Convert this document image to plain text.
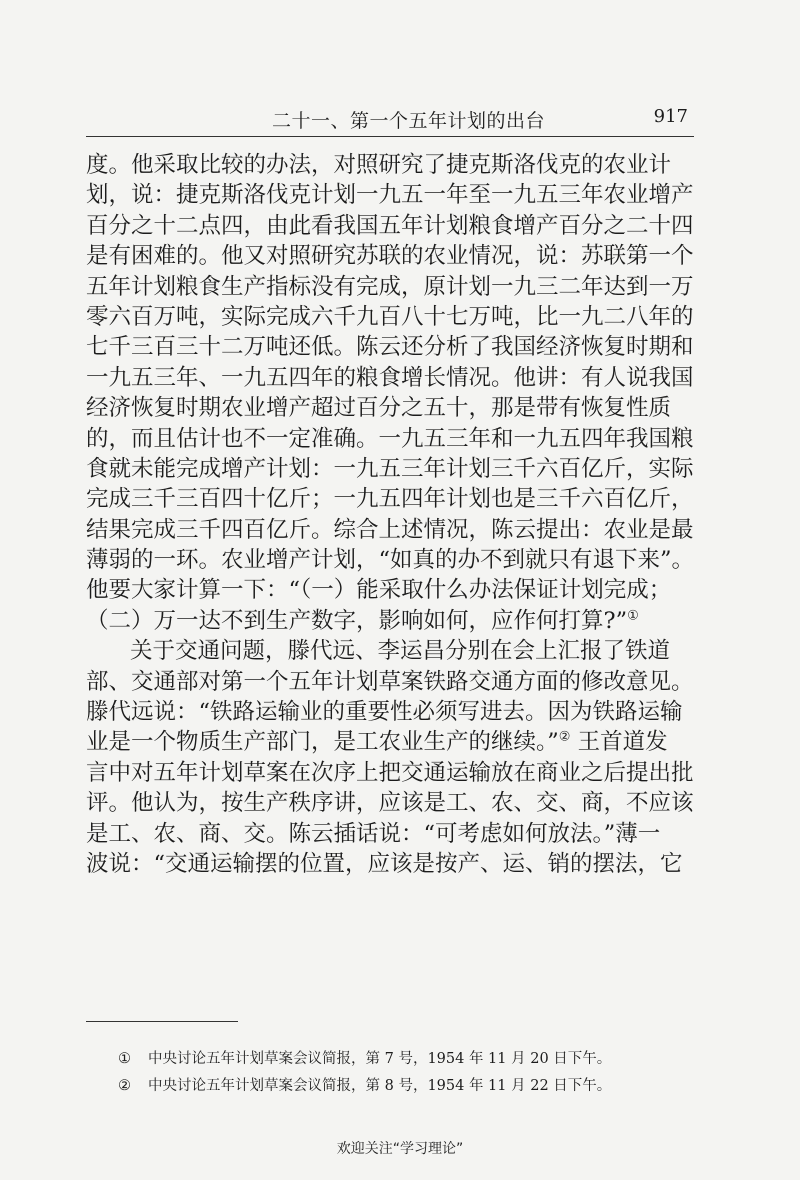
二十一、第一个五年计划的出台	917
度。他采取比较的办法，对照研究了捷克斯洛伐克的农业计
划，说：捷克斯洛伐克计划一九五一年至一九五三年农业增产
百分之十二点四，由此看我国五年计划粮食增产百分之二十四
是有困难的。他又对照研究苏联的农业情况，说：苏联第一个
五年计划粮食生产指标没有完成，原计划一九三二年达到一万
零六百万吨，实际完成六千九百八十七万吨，比一九二八年的
七千三百三十二万吨还低。陈云还分析了我国经济恢复时期和
一九五三年、一九五四年的粮食增长情况。他讲：有人说我国
经济恢复时期农业增产超过百分之五十，那是带有恢复性质
的，而且估计也不一定准确。一九五三年和一九五四年我国粮
食就未能完成增产计划：一九五三年计划三千六百亿斤，实际
完成三千三百四十亿斤；一九五四年计划也是三千六百亿斤，
结果完成三千四百亿斤。综合上述情况，陈云提出：农业是最
薄弱的一环。农业增产计划，“如真的办不到就只有退下来”。
他要大家计算一下：“（一）能采取什么办法保证计划完成；
（二）万一达不到生产数字，影响如何，应作何打算?”①
关于交通问题，滕代远、李运昌分别在会上汇报了铁道
部、交通部对第一个五年计划草案铁路交通方面的修改意见。
滕代远说：“铁路运输业的重要性必须写进去。因为铁路运输
业是一个物质生产部门，是工农业生产的继续。”② 王首道发
言中对五年计划草案在次序上把交通运输放在商业之后提出批
评。他认为，按生产秩序讲，应该是工、农、交、商，不应该
是工、农、商、交。陈云插话说：“可考虑如何放法。”薄一
波说：“交通运输摆的位置，应该是按产、运、销的摆法，它
① 中央讨论五年计划草案会议简报，第 7 号，1954 年 11 月 20 日下午。
② 中央讨论五年计划草案会议简报，第 8 号，1954 年 11 月 22 日下午。
欢迎关注“学习理论”
